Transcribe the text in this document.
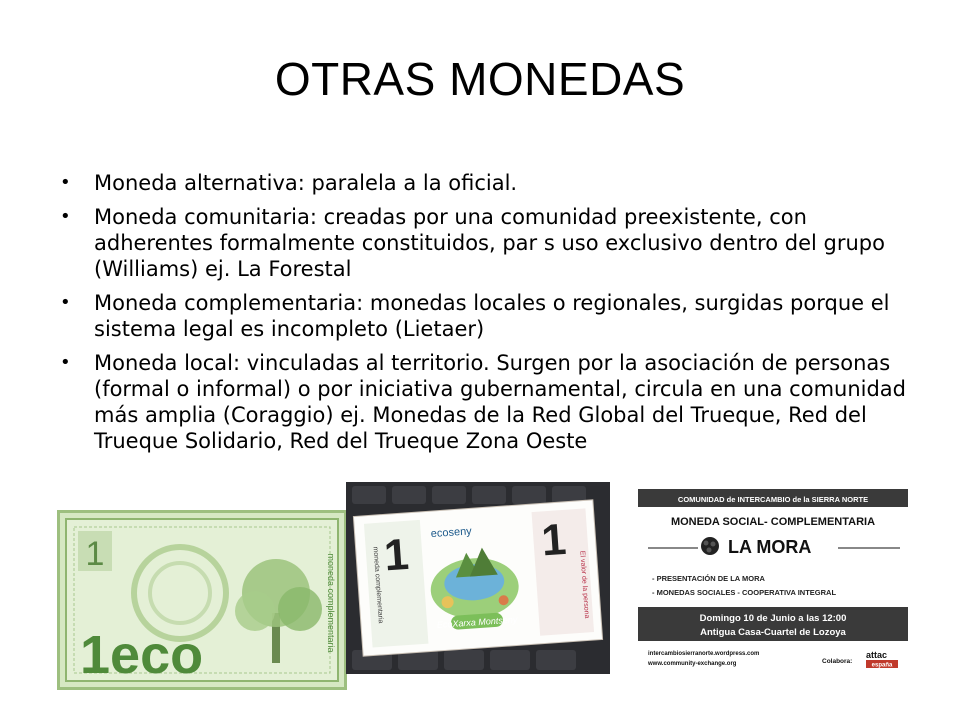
OTRAS MONEDAS
• Moneda alternativa: paralela a la oficial.
• Moneda comunitaria: creadas por una comunidad preexistente, con adherentes formalmente constituidos, par s uso exclusivo dentro del grupo (Williams) ej. La Forestal
• Moneda complementaria: monedas locales o regionales, surgidas porque el sistema legal es incompleto (Lietaer)
• Moneda local: vinculadas al territorio. Surgen por la asociación de personas (formal o informal) o por iniciativa gubernamental, circula en una comunidad más amplia (Coraggio) ej. Monedas de la Red Global del Trueque, Red del Trueque Solidario, Red del Trueque Zona Oeste
1
1eco
moneda complementaria 1	1
ecoseny
EcoXarxa Montseny
moneda complementaria	El valor de la persona
COMUNIDAD de INTERCAMBIO de la SIERRA NORTE
MONEDA SOCIAL- COMPLEMENTARIA
LA MORA
- PRESENTACIÓN DE LA MORA
- MONEDAS SOCIALES - COOPERATIVA INTEGRAL
Domingo 10 de Junio a las 12:00
Antigua Casa-Cuartel de Lozoya
intercambiosierranorte.wordpress.com
www.community-exchange.org	Colabora:
attac
españa
